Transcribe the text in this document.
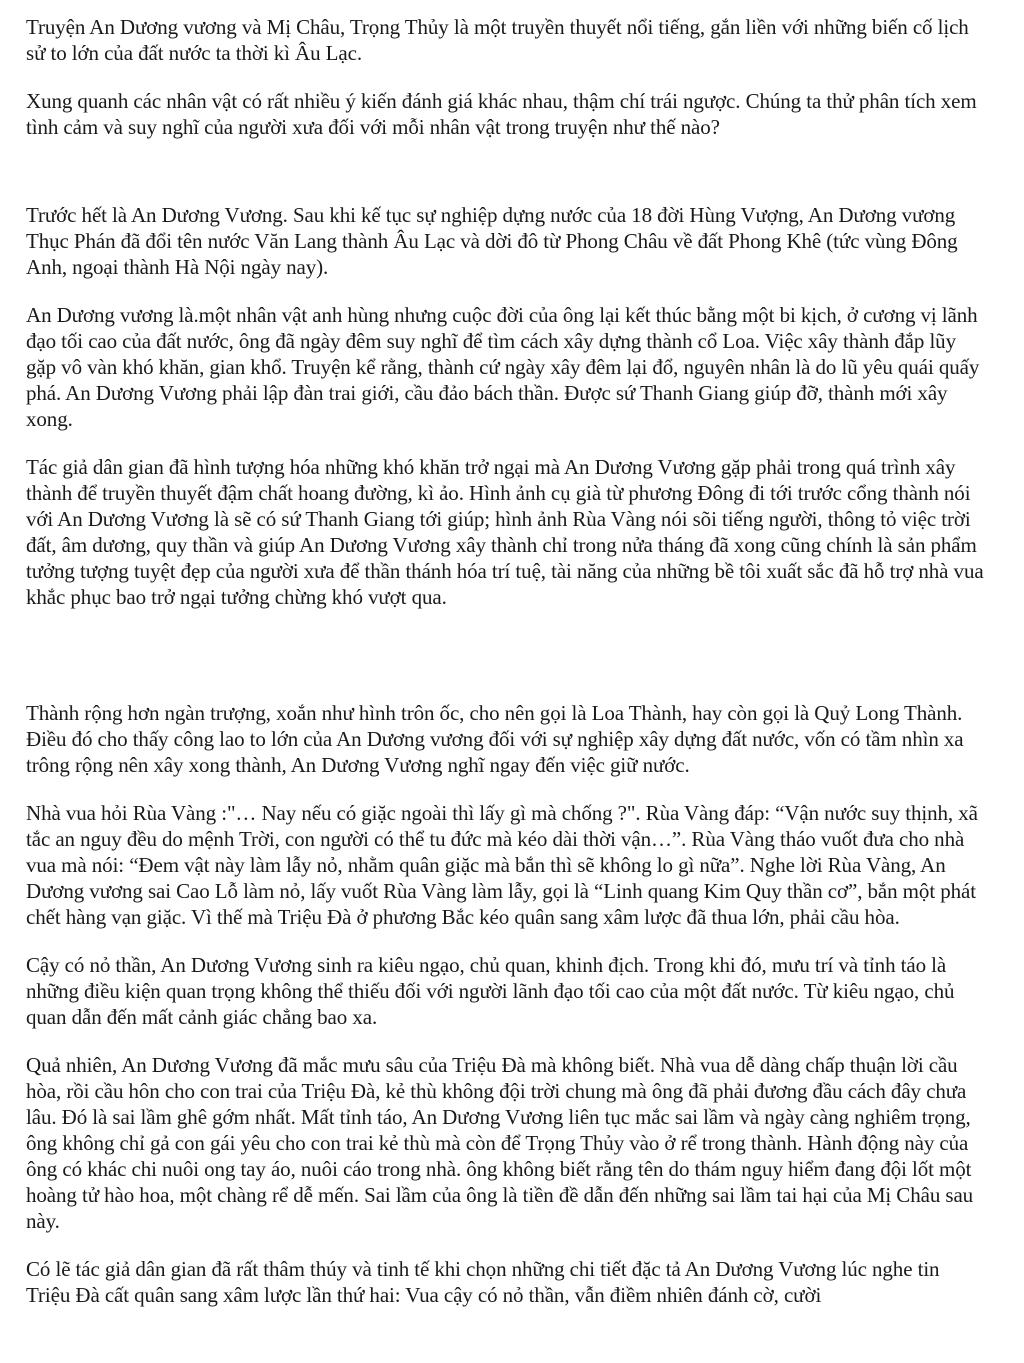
Truyện An Dương vương và Mị Châu, Trọng Thủy là một truyền thuyết nổi tiếng, gắn liền với những biến cố lịch sử to lớn của đất nước ta thời kì Âu Lạc.

Xung quanh các nhân vật có rất nhiều ý kiến đánh giá khác nhau, thậm chí trái ngược. Chúng ta thử phân tích xem tình cảm và suy nghĩ của người xưa đối với mỗi nhân vật trong truyện như thế nào?

Trước hết là An Dương Vương. Sau khi kế tục sự nghiệp dựng nước của 18 đời Hùng Vượng, An Dương vương Thục Phán đã đổi tên nước Văn Lang thành Âu Lạc và dời đô từ Phong Châu về đất Phong Khê (tức vùng Đông Anh, ngoại thành Hà Nội ngày nay).

An Dương vương là.một nhân vật anh hùng nhưng cuộc đời của ông lại kết thúc bằng một bi kịch, ở cương vị lãnh đạo tối cao của đất nước, ông đã ngày đêm suy nghĩ để tìm cách xây dựng thành cổ Loa. Việc xây thành đắp lũy gặp vô vàn khó khăn, gian khổ. Truyện kể rằng, thành cứ ngày xây đêm lại đổ, nguyên nhân là do lũ yêu quái quấy phá. An Dương Vương phải lập đàn trai giới, cầu đảo bách thần. Được sứ Thanh Giang giúp đỡ, thành mới xây xong.

Tác giả dân gian đã hình tượng hóa những khó khăn trở ngại mà An Dương Vương gặp phải trong quá trình xây thành để truyền thuyết đậm chất hoang đường, kì ảo. Hình ảnh cụ già từ phương Đông đi tới trước cổng thành nói với An Dương Vương là sẽ có sứ Thanh Giang tới giúp; hình ảnh Rùa Vàng nói sõi tiếng người, thông tỏ việc trời đất, âm dương, quy thần và giúp An Dương Vương xây thành chỉ trong nửa tháng đã xong cũng chính là sản phẩm tưởng tượng tuyệt đẹp của người xưa để thần thánh hóa trí tuệ, tài năng của những bề tôi xuất sắc đã hỗ trợ nhà vua khắc phục bao trở ngại tưởng chừng khó vượt qua.

Thành rộng hơn ngàn trượng, xoắn như hình trôn ốc, cho nên gọi là Loa Thành, hay còn gọi là Quỷ Long Thành. Điều đó cho thấy công lao to lớn của An Dương vương đối với sự nghiệp xây dựng đất nước, vốn có tầm nhìn xa trông rộng nên xây xong thành, An Dương Vương nghĩ ngay đến việc giữ nước.

Nhà vua hỏi Rùa Vàng :"… Nay nếu có giặc ngoài thì lấy gì mà chống ?". Rùa Vàng đáp: “Vận nước suy thịnh, xã tắc an nguy đều do mệnh Trời, con người có thể tu đức mà kéo dài thời vận…”. Rùa Vàng tháo vuốt đưa cho nhà vua mà nói: “Đem vật này làm lẫy nỏ, nhằm quân giặc mà bắn thì sẽ không lo gì nữa”. Nghe lời Rùa Vàng, An Dương vương sai Cao Lỗ làm nỏ, lấy vuốt Rùa Vàng làm lẫy, gọi là “Linh quang Kim Quy thần cơ”, bắn một phát chết hàng vạn giặc. Vì thế mà Triệu Đà ở phương Bắc kéo quân sang xâm lược đã thua lớn, phải cầu hòa.

Cậy có nỏ thần, An Dương Vương sinh ra kiêu ngạo, chủ quan, khinh địch. Trong khi đó, mưu trí và tỉnh táo là những điều kiện quan trọng không thể thiếu đối với người lãnh đạo tối cao của một đất nước. Từ kiêu ngạo, chủ quan dẫn đến mất cảnh giác chẳng bao xa.

Quả nhiên, An Dương Vương đã mắc mưu sâu của Triệu Đà mà không biết. Nhà vua dễ dàng chấp thuận lời cầu hòa, rồi cầu hôn cho con trai của Triệu Đà, kẻ thù không đội trời chung mà ông đã phải đương đầu cách đây chưa lâu. Đó là sai lầm ghê gớm nhất. Mất tỉnh táo, An Dương Vương liên tục mắc sai lầm và ngày càng nghiêm trọng, ông không chỉ gả con gái yêu cho con trai kẻ thù mà còn để Trọng Thủy vào ở rể trong thành. Hành động này của ông có khác chi nuôi ong tay áo, nuôi cáo trong nhà. ông không biết rằng tên do thám nguy hiểm đang đội lốt một hoàng tử hào hoa, một chàng rể dễ mến. Sai lầm của ông là tiền đề dẫn đến những sai lầm tai hại của Mị Châu sau này.

Có lẽ tác giả dân gian đã rất thâm thúy và tinh tế khi chọn những chi tiết đặc tả An Dương Vương lúc nghe tin Triệu Đà cất quân sang xâm lược lần thứ hai: Vua cậy có nỏ thần, vẫn điềm nhiên đánh cờ, cười
